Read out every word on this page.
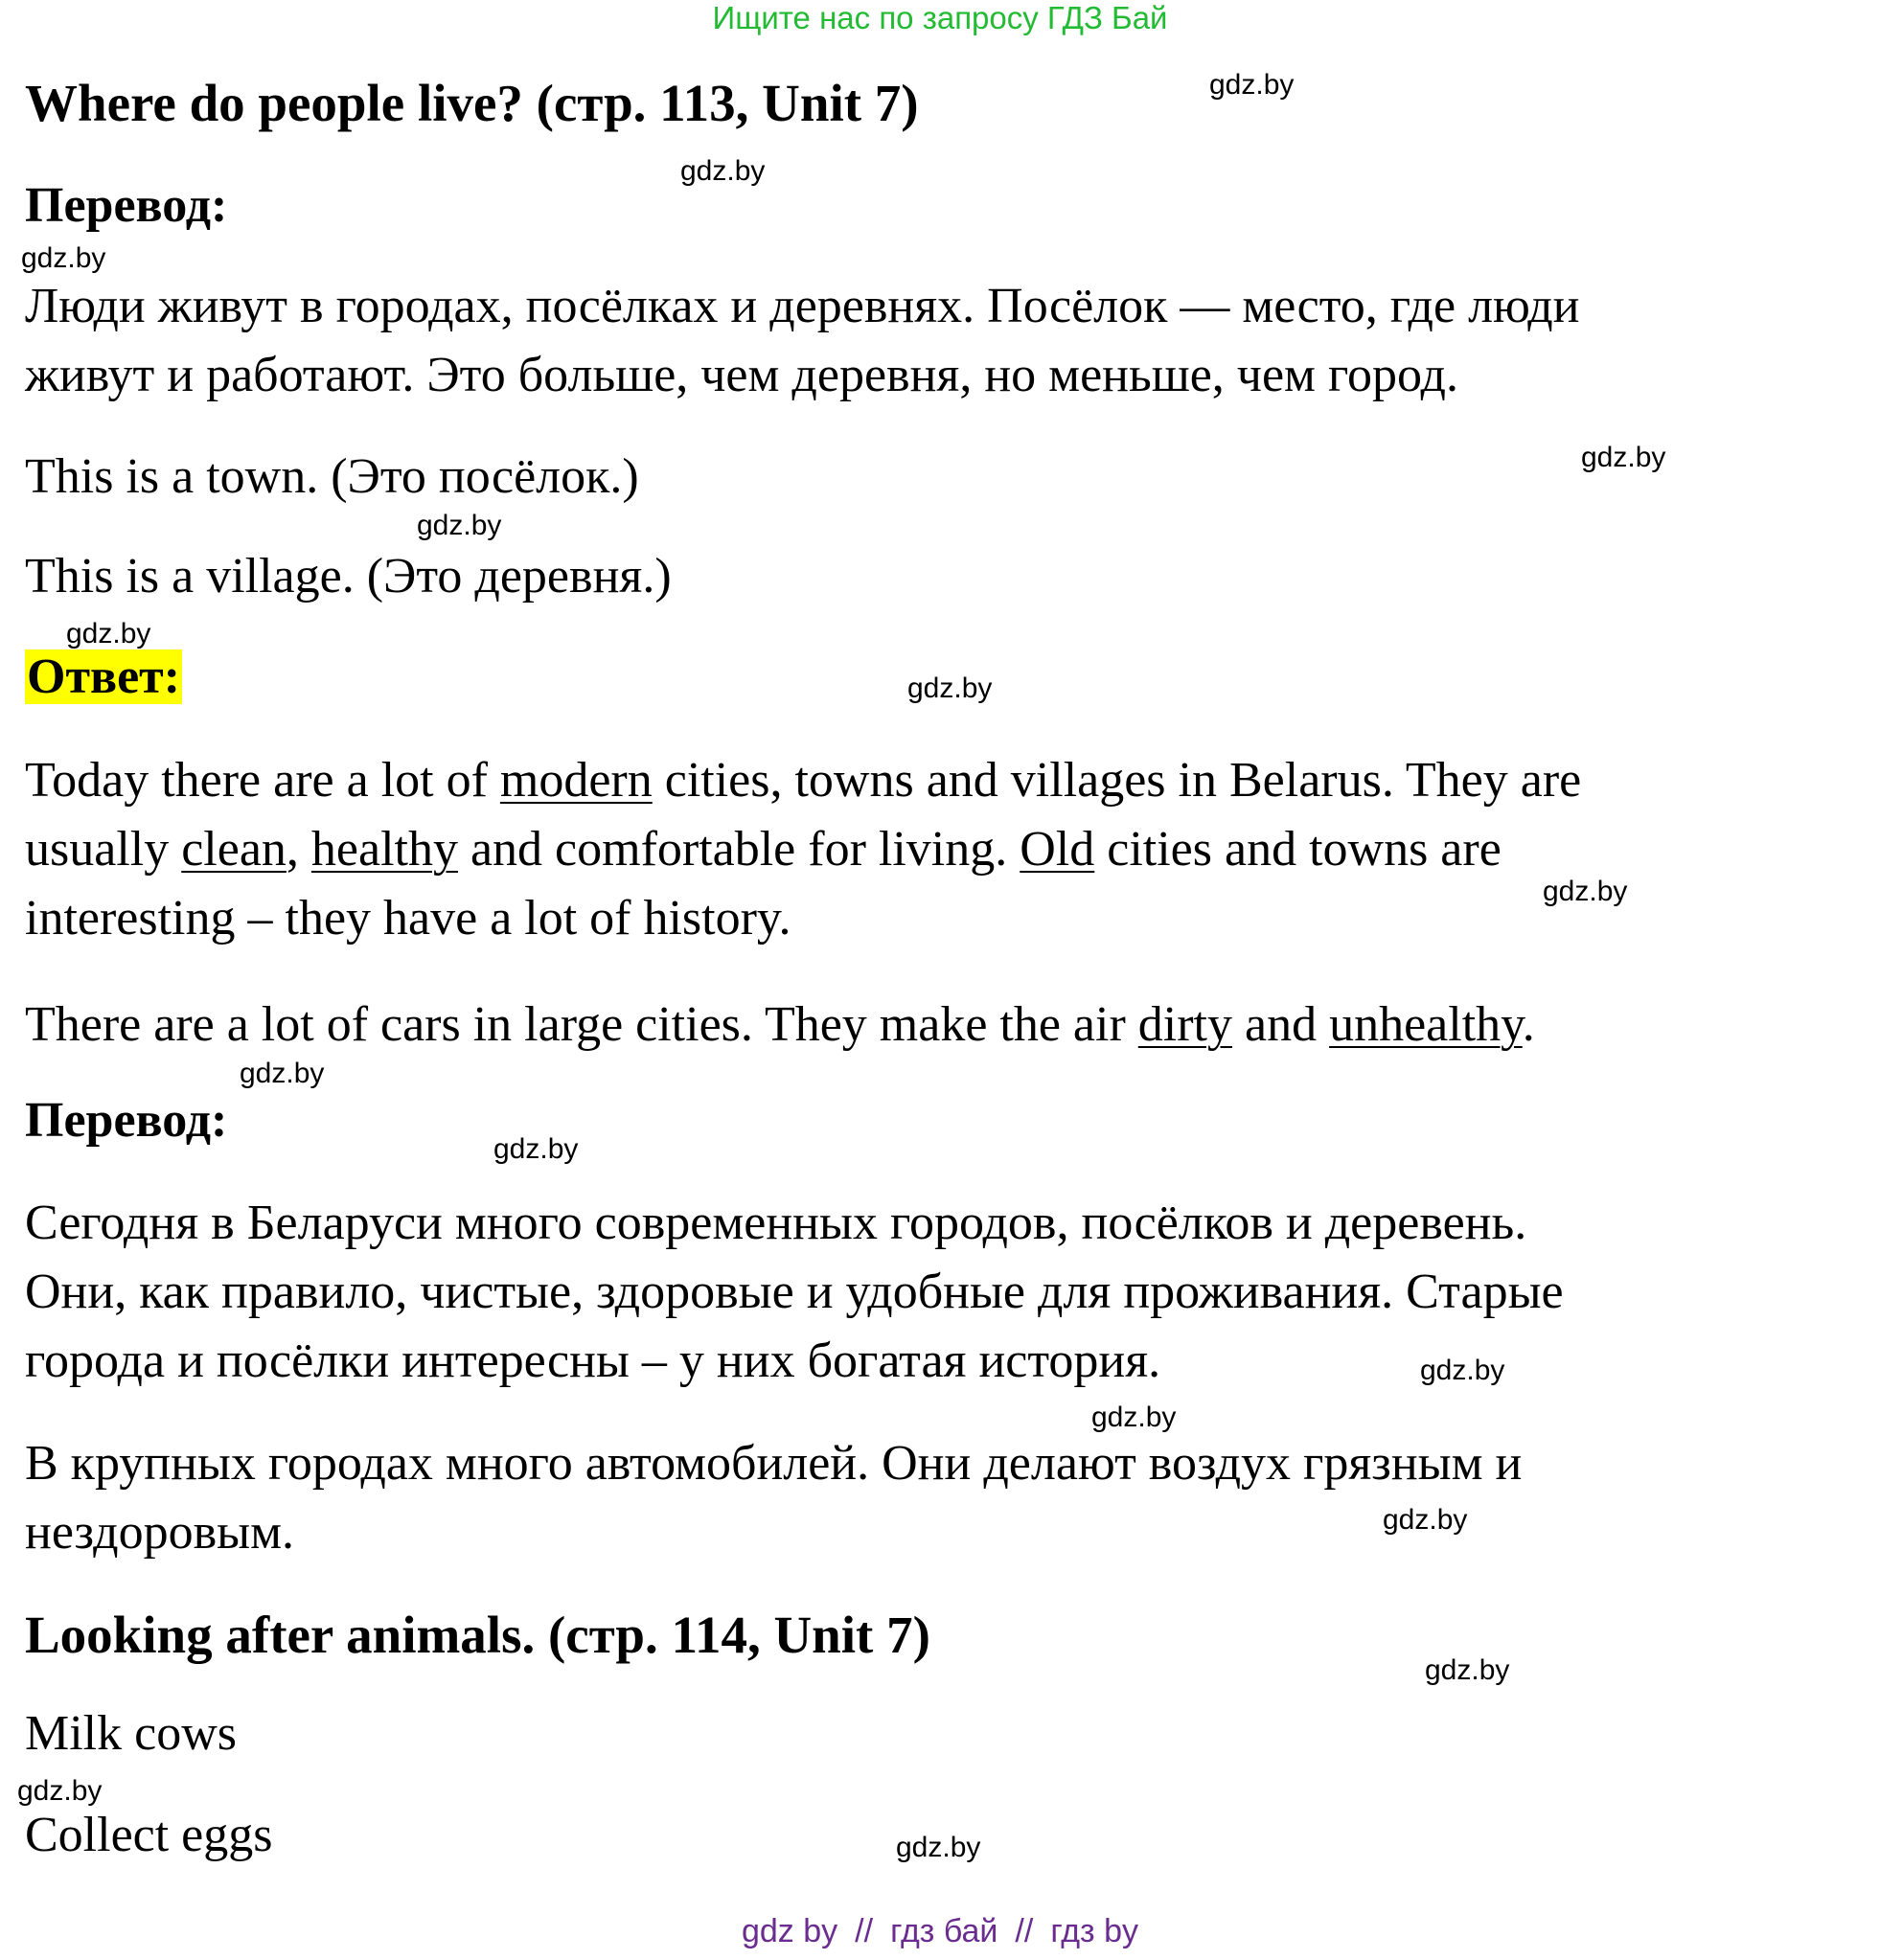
Ищите нас по запросу ГДЗ Бай
Where do people live? (стр. 113, Unit 7)
Перевод:
Люди живут в городах, посёлках и деревнях. Посёлок — место, где люди
живут и работают. Это больше, чем деревня, но меньше, чем город.
This is a town. (Это посёлок.)
This is a village. (Это деревня.)
Ответ:
Today there are a lot of modern cities, towns and villages in Belarus. They are
usually clean, healthy and comfortable for living. Old cities and towns are
interesting – they have a lot of history.
There are a lot of cars in large cities. They make the air dirty and unhealthy.
Перевод:
Сегодня в Беларуси много современных городов, посёлков и деревень.
Они, как правило, чистые, здоровые и удобные для проживания. Старые
города и посёлки интересны – у них богатая история.
В крупных городах много автомобилей. Они делают воздух грязным и
нездоровым.
Looking after animals. (стр. 114, Unit 7)
Milk cows
Collect eggs
gdz.by
gdz.by
gdz.by
gdz.by
gdz.by
gdz.by
gdz.by
gdz.by
gdz.by
gdz.by
gdz.by
gdz.by
gdz.by
gdz.by
gdz.by
gdz.by
gdz by // гдз бай // гдз by
